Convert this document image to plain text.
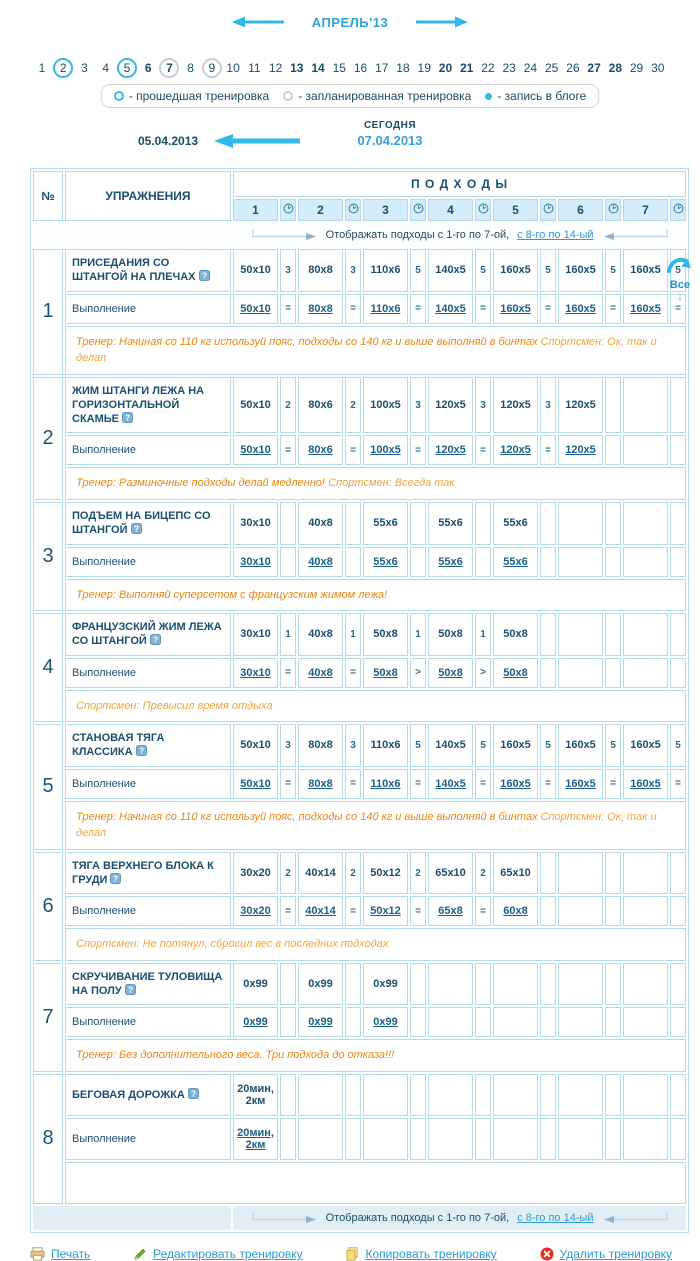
АПРЕЛЬ'13
1	2	3	4	5	6	7	8	9 10 11 12 13 14 15 16 17 18 19 20 21 22 23 24 25 26 27 28 29 30
- прошедшая тренировка - запланированная тренировка - запись в блоге
05.04.2013
СЕГОДНЯ
07.04.2013
№	УПРАЖНЕНИЯ	П О Д Х О Д Ы													
		1		2		3		4		5		6		7	

		Отображать подходы с 1-го по 7-ой, с 8-го по 14-ый													

1	ПРИСЕДАНИЯ СО ШТАНГОЙ НА ПЛЕЧАХ ?	50x10	3	80x8	3	110x6	5	140x5	5	160x5	5	160x5	5	160x5	5
	Выполнение	50x10	=	80x8	=	110x6	=	140x5	=	160x5	=	160x5	=	160x5	=
	Тренер: Начиная со 110 кг используй пояс, подходы со 140 кг и выше выполняй в бинтах Спортсмен: Ок, так и делал														
2	ЖИМ ШТАНГИ ЛЕЖА НА ГОРИЗОНТАЛЬНОЙ СКАМЬЕ ?	50x10	2	80x6	2	100x5	3	120x5	3	120x5	3	120x5			
	Выполнение	50x10	=	80x6	=	100x5	=	120x5	=	120x5	=	120x5			
	Тренер: Разминочные подходы делай медленно! Спортсмен: Всегда так														
3	ПОДЪЕМ НА БИЦЕПС СО ШТАНГОЙ ?	30x10		40x8		55x6		55x6		55x6					
	Выполнение	30x10		40x8		55x6		55x6		55x6					
	Тренер: Выполняй суперсетом с французским жимом лежа!														
4	ФРАНЦУЗСКИЙ ЖИМ ЛЕЖА СО ШТАНГОЙ ?	30x10	1	40x8	1	50x8	1	50x8	1	50x8					
	Выполнение	30x10	=	40x8	=	50x8	>	50x8	>	50x8					
	Спортсмен: Превысил время отдыха														
5	СТАНОВАЯ ТЯГА КЛАССИКА ?	50x10	3	80x8	3	110x6	5	140x5	5	160x5	5	160x5	5	160x5	5
	Выполнение	50x10	=	80x8	=	110x6	=	140x5	=	160x5	=	160x5	=	160x5	=
	Тренер: Начиная со 110 кг используй пояс, подходы со 140 кг и выше выполняй в бинтах Спортсмен: Ок, так и делал														
6	ТЯГА ВЕРХНЕГО БЛОКА К ГРУДИ ?	30x20	2	40x14	2	50x12	2	65x10	2	65x10					
	Выполнение	30x20	=	40x14	=	50x12	=	65x8	=	60x8					
	Спортсмен: Не потянул, сбросил вес в последних подходах														
7	СКРУЧИВАНИЕ ТУЛОВИЩА НА ПОЛУ ?	0x99		0x99		0x99									
	Выполнение	0x99		0x99		0x99									
	Тренер: Без дополнительного веса. Три подхода до отказа!!!														
8	БЕГОВАЯ ДОРОЖКА ?	20мин, 2км													
	Выполнение	20мин, 2км													

		Отображать подходы с 1-го по 7-ой, с 8-го по 14-ый													
Все
↓
Печать	Редактировать тренировку	Копировать тренировку	Удалить тренировку
